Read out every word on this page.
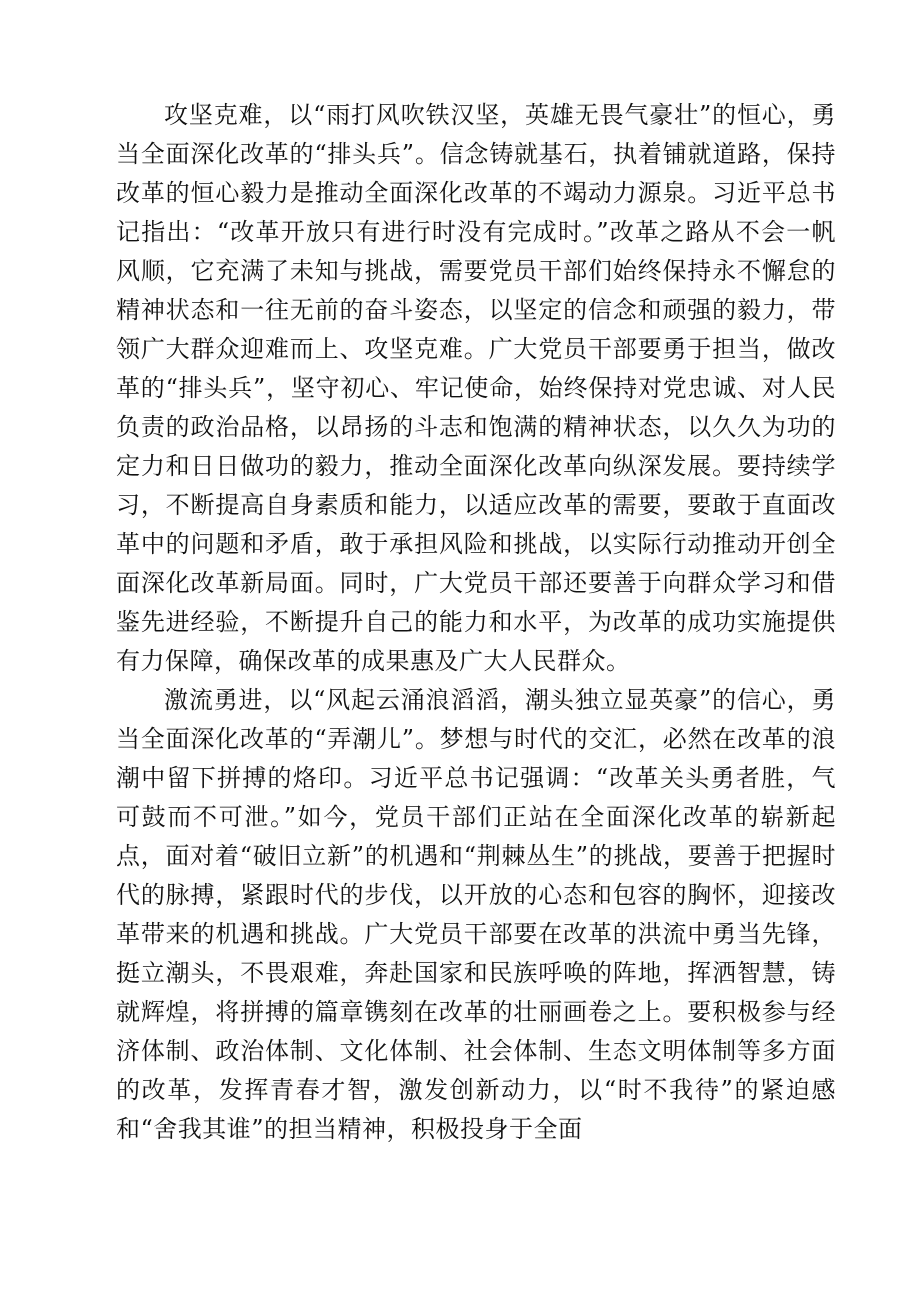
攻坚克难，以“雨打风吹铁汉坚，英雄无畏气豪壮”的恒心，勇当全面深化改革的“排头兵”。信念铸就基石，执着铺就道路，保持改革的恒心毅力是推动全面深化改革的不竭动力源泉。习近平总书记指出：“改革开放只有进行时没有完成时。”改革之路从不会一帆风顺，它充满了未知与挑战，需要党员干部们始终保持永不懈怠的精神状态和一往无前的奋斗姿态，以坚定的信念和顽强的毅力，带领广大群众迎难而上、攻坚克难。广大党员干部要勇于担当，做改革的“排头兵”，坚守初心、牢记使命，始终保持对党忠诚、对人民负责的政治品格，以昂扬的斗志和饱满的精神状态，以久久为功的定力和日日做功的毅力，推动全面深化改革向纵深发展。要持续学习，不断提高自身素质和能力，以适应改革的需要，要敢于直面改革中的问题和矛盾，敢于承担风险和挑战，以实际行动推动开创全面深化改革新局面。同时，广大党员干部还要善于向群众学习和借鉴先进经验，不断提升自己的能力和水平，为改革的成功实施提供有力保障，确保改革的成果惠及广大人民群众。

激流勇进，以“风起云涌浪滔滔，潮头独立显英豪”的信心，勇当全面深化改革的“弄潮儿”。梦想与时代的交汇，必然在改革的浪潮中留下拼搏的烙印。习近平总书记强调：“改革关头勇者胜，气可鼓而不可泄。”如今，党员干部们正站在全面深化改革的崭新起点，面对着“破旧立新”的机遇和“荆棘丛生”的挑战，要善于把握时代的脉搏，紧跟时代的步伐，以开放的心态和包容的胸怀，迎接改革带来的机遇和挑战。广大党员干部要在改革的洪流中勇当先锋，挺立潮头，不畏艰难，奔赴国家和民族呼唤的阵地，挥洒智慧，铸就辉煌，将拼搏的篇章镌刻在改革的壮丽画卷之上。要积极参与经济体制、政治体制、文化体制、社会体制、生态文明体制等多方面的改革，发挥青春才智，激发创新动力，以“时不我待”的紧迫感和“舍我其谁”的担当精神，积极投身于全面
